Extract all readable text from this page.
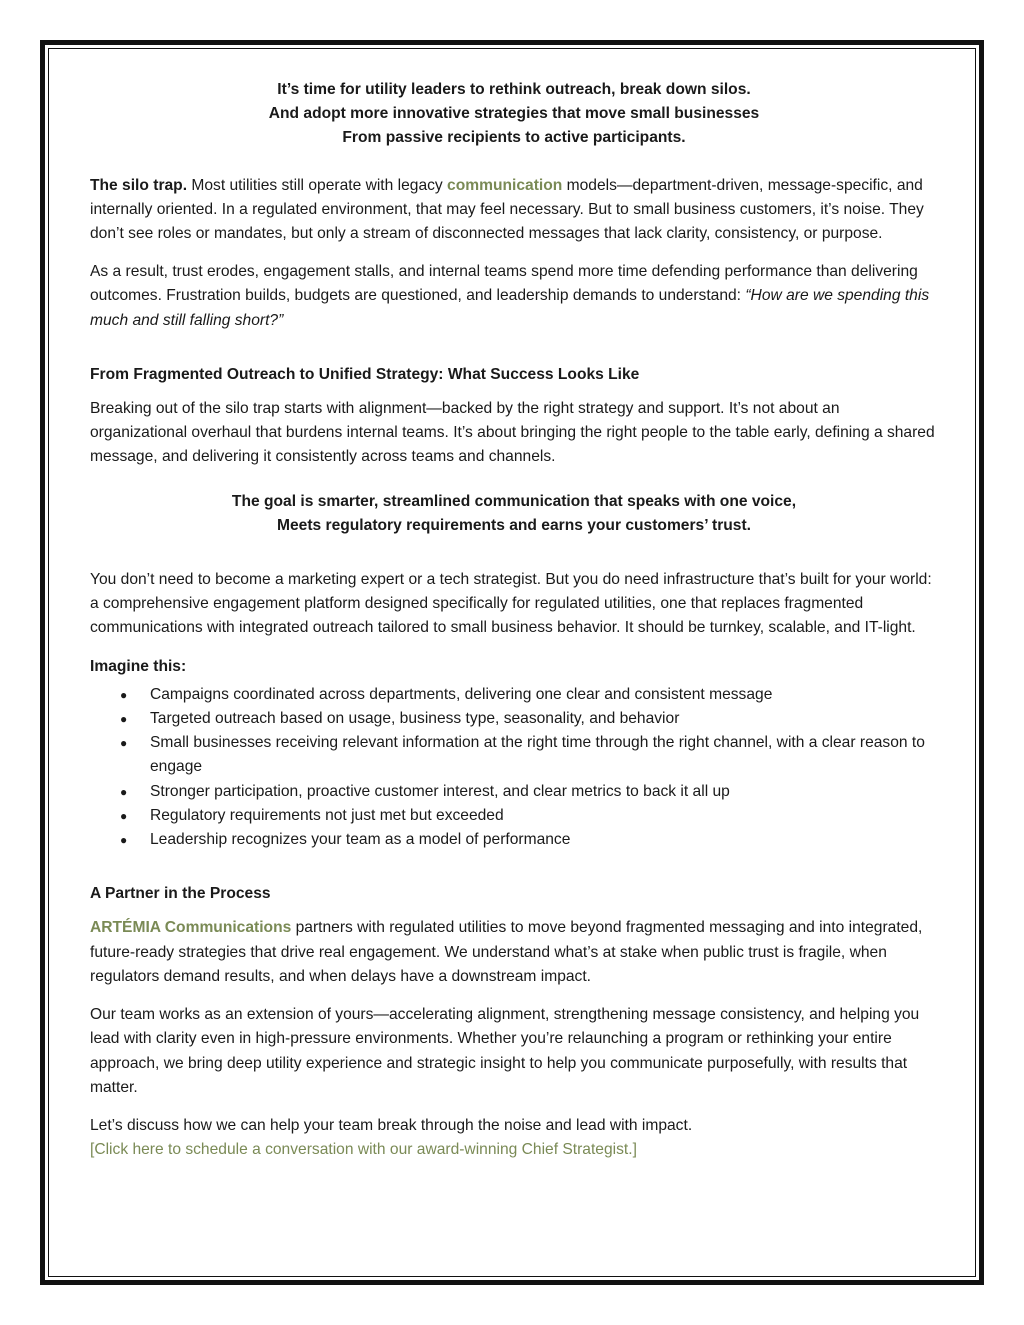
It’s time for utility leaders to rethink outreach, break down silos.

And adopt more innovative strategies that move small businesses

From passive recipients to active participants.

The silo trap. Most utilities still operate with legacy communication models—department-driven, message-specific, and internally oriented. In a regulated environment, that may feel necessary. But to small business customers, it’s noise. They don’t see roles or mandates, but only a stream of disconnected messages that lack clarity, consistency, or purpose.

As a result, trust erodes, engagement stalls, and internal teams spend more time defending performance than delivering outcomes. Frustration builds, budgets are questioned, and leadership demands to understand: “How are we spending this much and still falling short?”

From Fragmented Outreach to Unified Strategy: What Success Looks Like

Breaking out of the silo trap starts with alignment—backed by the right strategy and support. It’s not about an organizational overhaul that burdens internal teams. It’s about bringing the right people to the table early, defining a shared message, and delivering it consistently across teams and channels.

The goal is smarter, streamlined communication that speaks with one voice,

Meets regulatory requirements and earns your customers’ trust.

You don’t need to become a marketing expert or a tech strategist. But you do need infrastructure that’s built for your world: a comprehensive engagement platform designed specifically for regulated utilities, one that replaces fragmented communications with integrated outreach tailored to small business behavior. It should be turnkey, scalable, and IT-light.

Imagine this:

● Campaigns coordinated across departments, delivering one clear and consistent message
● Targeted outreach based on usage, business type, seasonality, and behavior
● Small businesses receiving relevant information at the right time through the right channel, with a clear reason to engage
● Stronger participation, proactive customer interest, and clear metrics to back it all up
● Regulatory requirements not just met but exceeded
● Leadership recognizes your team as a model of performance

A Partner in the Process

ARTÉMIA Communications partners with regulated utilities to move beyond fragmented messaging and into integrated, future-ready strategies that drive real engagement. We understand what’s at stake when public trust is fragile, when regulators demand results, and when delays have a downstream impact.

Our team works as an extension of yours—accelerating alignment, strengthening message consistency, and helping you lead with clarity even in high-pressure environments. Whether you’re relaunching a program or rethinking your entire approach, we bring deep utility experience and strategic insight to help you communicate purposefully, with results that matter.

Let’s discuss how we can help your team break through the noise and lead with impact.

[Click here to schedule a conversation with our award-winning Chief Strategist.]
